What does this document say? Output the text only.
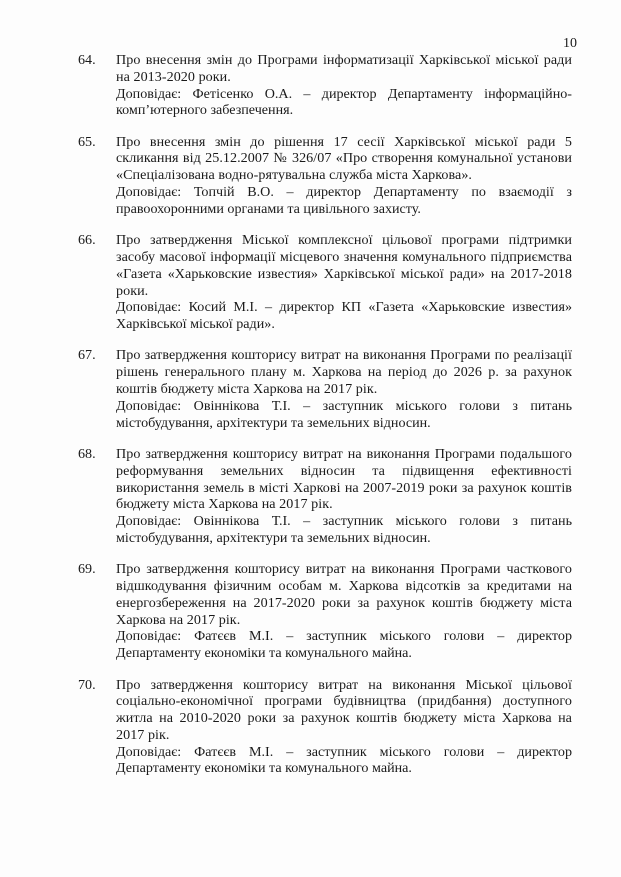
10
64. Про внесення змін до Програми інформатизації Харківської міської ради на 2013-2020 роки.
Доповідає: Фетісенко О.А. – директор Департаменту інформаційно-комп’ютерного забезпечення.
65. Про внесення змін до рішення 17 сесії Харківської міської ради 5 скликання від 25.12.2007 № 326/07 «Про створення комунальної установи «Спеціалізована водно-рятувальна служба міста Харкова».
Доповідає: Топчій В.О. – директор Департаменту по взаємодії з правоохоронними органами та цивільного захисту.
66. Про затвердження Міської комплексної цільової програми підтримки засобу масової інформації місцевого значення комунального підприємства «Газета «Харьковские известия» Харківської міської ради» на 2017-2018 роки.
Доповідає: Косий М.І. – директор КП «Газета «Харьковские известия» Харківської міської ради».
67. Про затвердження кошторису витрат на виконання Програми по реалізації рішень генерального плану м. Харкова на період до 2026 р. за рахунок коштів бюджету міста Харкова на 2017 рік.
Доповідає: Овіннікова Т.І. – заступник міського голови з питань містобудування, архітектури та земельних відносин.
68. Про затвердження кошторису витрат на виконання Програми подальшого реформування земельних відносин та підвищення ефективності використання земель в місті Харкові на 2007-2019 роки за рахунок коштів бюджету міста Харкова на 2017 рік.
Доповідає: Овіннікова Т.І. – заступник міського голови з питань містобудування, архітектури та земельних відносин.
69. Про затвердження кошторису витрат на виконання Програми часткового відшкодування фізичним особам м. Харкова відсотків за кредитами на енергозбереження на 2017-2020 роки за рахунок коштів бюджету міста Харкова на 2017 рік.
Доповідає: Фатєєв М.І. – заступник міського голови – директор Департаменту економіки та комунального майна.
70. Про затвердження кошторису витрат на виконання Міської цільової соціально-економічної програми будівництва (придбання) доступного житла на 2010-2020 роки за рахунок коштів бюджету міста Харкова на 2017 рік.
Доповідає: Фатєєв М.І. – заступник міського голови – директор Департаменту економіки та комунального майна.
